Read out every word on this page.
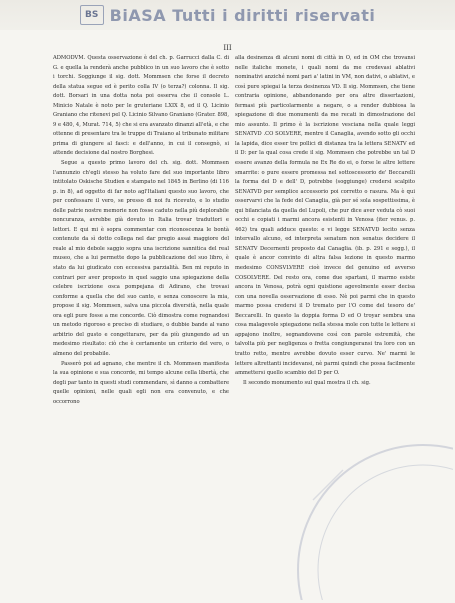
BS BiASA Tutti i diritti riservati
III

ADMODVM. Questa osservazione è del ch. p. Garrucci dalla C. di G. e quella la renderà anche pubblico in un suo lavoro che è sotto i torchi. Soggiunge il sig. dott. Mommsen che forse il decreto della statua segue ed è perito colla IV (o terza?) colonna. Il sig. dott. Borsari in una dotta nota poi osserva che il console L. Minicio Natale è noto per le gruteriane LXIX 8, ed il Q. Licinio Graniano che ritenevi pel Q. Licinio Silvano Graniano (Grater. 898, 9 e 480, 4, Murat. 714, 5) che si era avanzato dinanzi all'età, e che ottenne di presentare tra le truppe di Traiano al tribunato militare prima di giungere al fasci: e dell'anno, in cui il consegnò, si attende decisione dal nostro Borghesi.

Segue a questo primo lavoro del ch. sig. dott. Mommsen l'annunzio ch'egli stesso ha voluto fare del suo importante libro intitolato Oskische Studien e stampato nel 1845 in Berlino (di 116 p. in 8), ad oggetto di far noto agl'Italiani questo suo lavoro, che per confessare il vero, se presso di noi fu ricevuto, e lo studio delle patrie nostre memorie non fosse caduto nella più deplorabile noncuranza, avrebbe già dovuto in Italia trovar traduttori e lettori. E qui mi è sopra commentar con riconoscenza le bontà contenute da sì dotto collega nel dar pregio assai maggiore del reale al mio debole saggio sopra una iscrizione sannitica del real museo, che a lui permette dopo la pubblicazione del suo libro, è stato da lui giudicato con eccessiva parzialità. Ben mi reputo in contrari per aver proposto in quel saggio una spiegazione della celebre iscrizione osca pompejana di Adirano, che trovasi conforme a quella che del suo canto, e senza conoscere la mia, propose il sig. Mommsen, salva una piccola diversità, nella quale ora egli pure fosse a me concorde. Ciò dimostra come regnandosi un metodo rigoroso e preciso di studiare, o dubbie bande al vano arbitrio del gusto e congetturare, per da più giungendo ad un medesimo risultato: ciò che è certamente un criterio del vero, o almeno del probabile.

Passerò poi ad agnano, che mentre il ch. Mommsen manifesta la sua opinione e sua concorde, mi tempo alcune cella libertà, che degli par tanto in questi studi commendare, sì danno a combattere quelle opinioni, nelle quali egli non era convenuto, e che occorrono

alla desinenza di alcuni nomi di città in O, ed in OM che trovansi nelle italiche monete, i quali nomi da me credevasi ablativi nominativi anziché nomi pari a' latini in VM, non dativi, o ablativi, e così pure spiegai la terza desinenza VD. Il sig. Mommsen, che tiene contraria opinione, abbandonando per ora altre dissertazioni, fermasi più particolarmente a negare, o a render dubbiosa la spiegazione di due monumenti da me recati in dimostrazione del mio assunto. Il primo è la iscrizione vesciana nella quale leggi SENATVD .CO SOLVERE, mentre il Canaglia, avendo sotto gli occhi la lapida, dice esser tre pollici di distanza tra la lettera SENATV ed il D: per la qual cosa crede il sig. Mommsen che potrebbe un tal D essere avanzo della formula ne Ex Re do ei, o forse le altre lettere smarrite: o pure essere promessa nel sottoscessorio de' Beccarelli la forma del D e dell' D, potrebbe (soggiunge) credersi scalpito SENATVD per semplice accessorio poi corretto o rasura. Ma è qui osservarvi che la fede del Canaglia, già per sé sola sospettissima, è qui bilanciata da quella del Lupoli, che pur dice aver veduta cò suoi occhi e copiati i marmi ancora esistenti in Venosa (iter venus. p. 462) tra quali adduce questo: e vi legge SENATVD lecito senza intervallo alcuno, ed interpreta senatum non senatus decidere il SENATV Decernenti proposto dal Canaglia. (ib. p. 291 e segg.), il quale è ancor convinto di altra falsa lezione in questo marmo medesimo CONSVLVERE cioè invece del genuino ed avverso COSOLVERE. Del resto ora, come due spartani, il marmo esiste ancora in Venosa, potrà ogni quistione agevolmente esser decisa con una novella osservazione di esso. Nè poi parmi che in questo marmo possa credersi il D tremato per l'O come del tesoro de' Beccarelli. In questo la doppia forma D ed O troyar sembra una cosa malagevole spiegazione nella stessa mole con tutte le lettere si appajono inoltre, segnandovene così con parole estremità, che talvolta più per negligenza o fretta congiungeransi tra loro con un tratto retto, mentre avrebbe dovuto esser curvo. Ne' marmi le lettere altrettanti incidevansi, nè parmi quindi che possa facilmente ammettersi quello scambio del D per O.

Il secondo monumento sul qual mostra il ch. sig.
